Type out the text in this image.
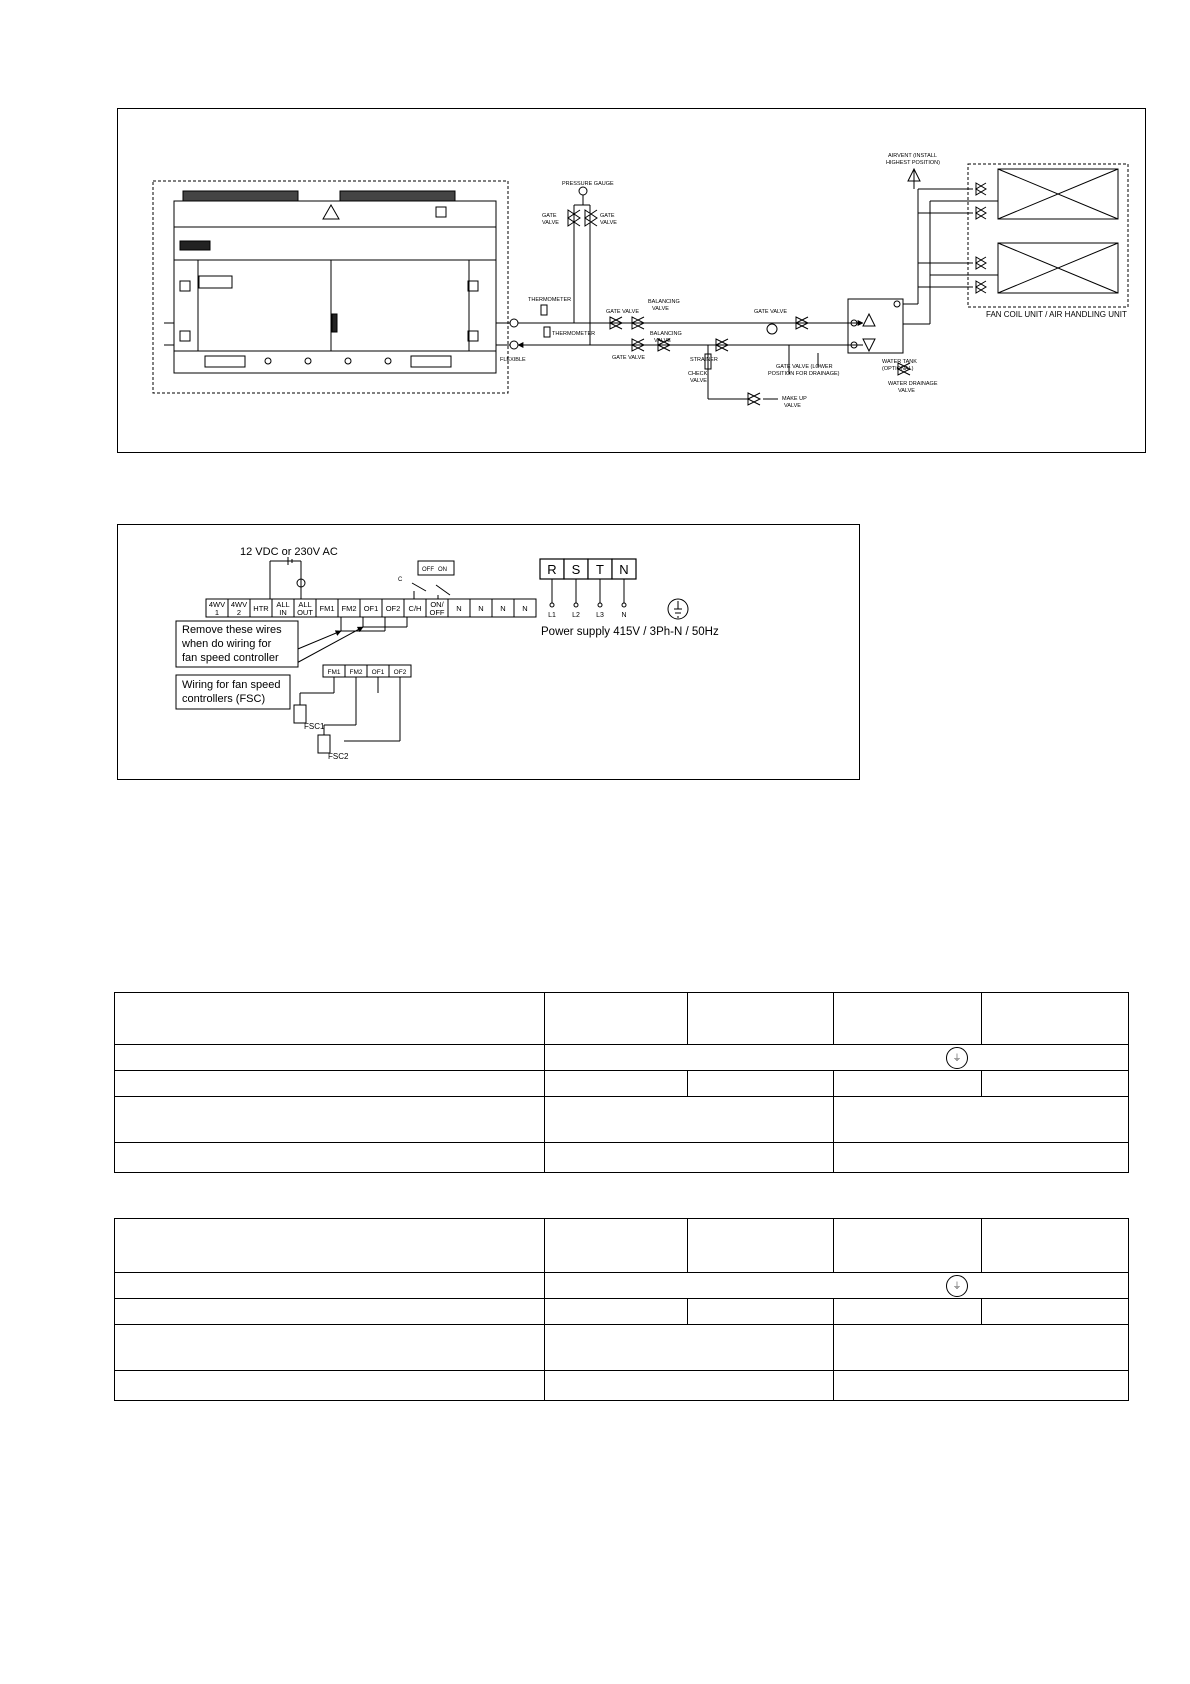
THERMOMETER
THERMOMETER
FLEXIBLE
PRESSURE GAUGE
GATE
VALVE
GATE
VALVE
GATE VALVE
GATE VALVE
BALANCING
VALVE
BALANCING
VALVE
STRAINER
CHECK
VALVE
GATE VALVE
GATE VALVE (LOWER
POSITION FOR DRAINAGE)
MAKE UP
VALVE
AIRVENT (INSTALL
HIGHEST POSITION)
WATER TANK
(OPTIONAL)
WATER DRAINAGE
VALVE
FAN COIL UNIT / AIR HANDLING UNIT
12 VDC or 230V AC
4WV
1
4WV
2 HTR ALL
IN
ALL
OUT FM1 FM2 OF1 OF2 C/H ON/
OFF N N N N
OFF ON
C
Remove these wires
when do wiring for
fan speed controller
Wiring for fan speed
controllers (FSC)
FM1 FM2 OF1 OF2
FSC1
FSC2
R
L1
S
L2
T
L3
N
N
Power supply 415V / 3Ph-N / 50Hz

	⏚			

	⏚			
